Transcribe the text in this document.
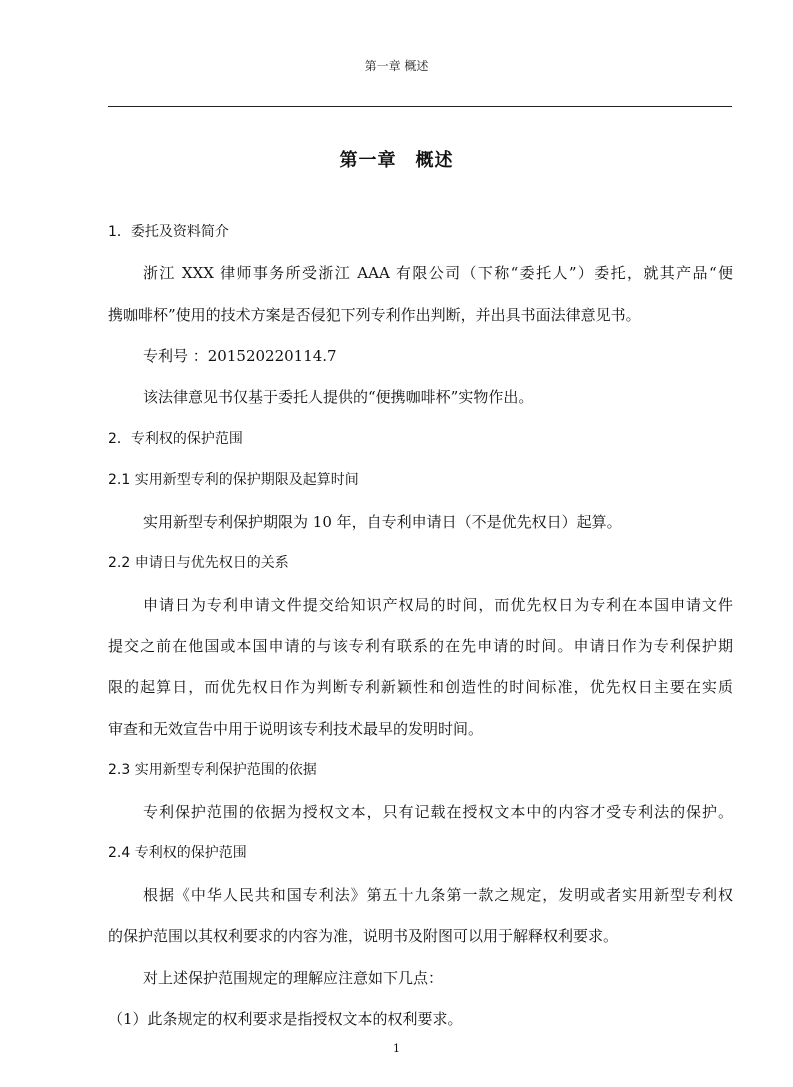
第一章 概述
第一章　概述
1．委托及资料简介
浙江 XXX 律师事务所受浙江 AAA 有限公司（下称“委托人”）委托，就其产品“便
携咖啡杯”使用的技术方案是否侵犯下列专利作出判断，并出具书面法律意见书。
专利号 ：201520220114.7
该法律意见书仅基于委托人提供的“便携咖啡杯”实物作出。
2．专利权的保护范围
2.1 实用新型专利的保护期限及起算时间
实用新型专利保护期限为 10 年，自专利申请日（不是优先权日）起算。
2.2 申请日与优先权日的关系
申请日为专利申请文件提交给知识产权局的时间，而优先权日为专利在本国申请文件
提交之前在他国或本国申请的与该专利有联系的在先申请的时间。申请日作为专利保护期
限的起算日，而优先权日作为判断专利新颖性和创造性的时间标准，优先权日主要在实质
审查和无效宣告中用于说明该专利技术最早的发明时间。
2.3 实用新型专利保护范围的依据
专利保护范围的依据为授权文本，只有记载在授权文本中的内容才受专利法的保护。
2.4 专利权的保护范围
根据《中华人民共和国专利法》第五十九条第一款之规定，发明或者实用新型专利权
的保护范围以其权利要求的内容为准，说明书及附图可以用于解释权利要求。
对上述保护范围规定的理解应注意如下几点：
（1）此条规定的权利要求是指授权文本的权利要求。
1
